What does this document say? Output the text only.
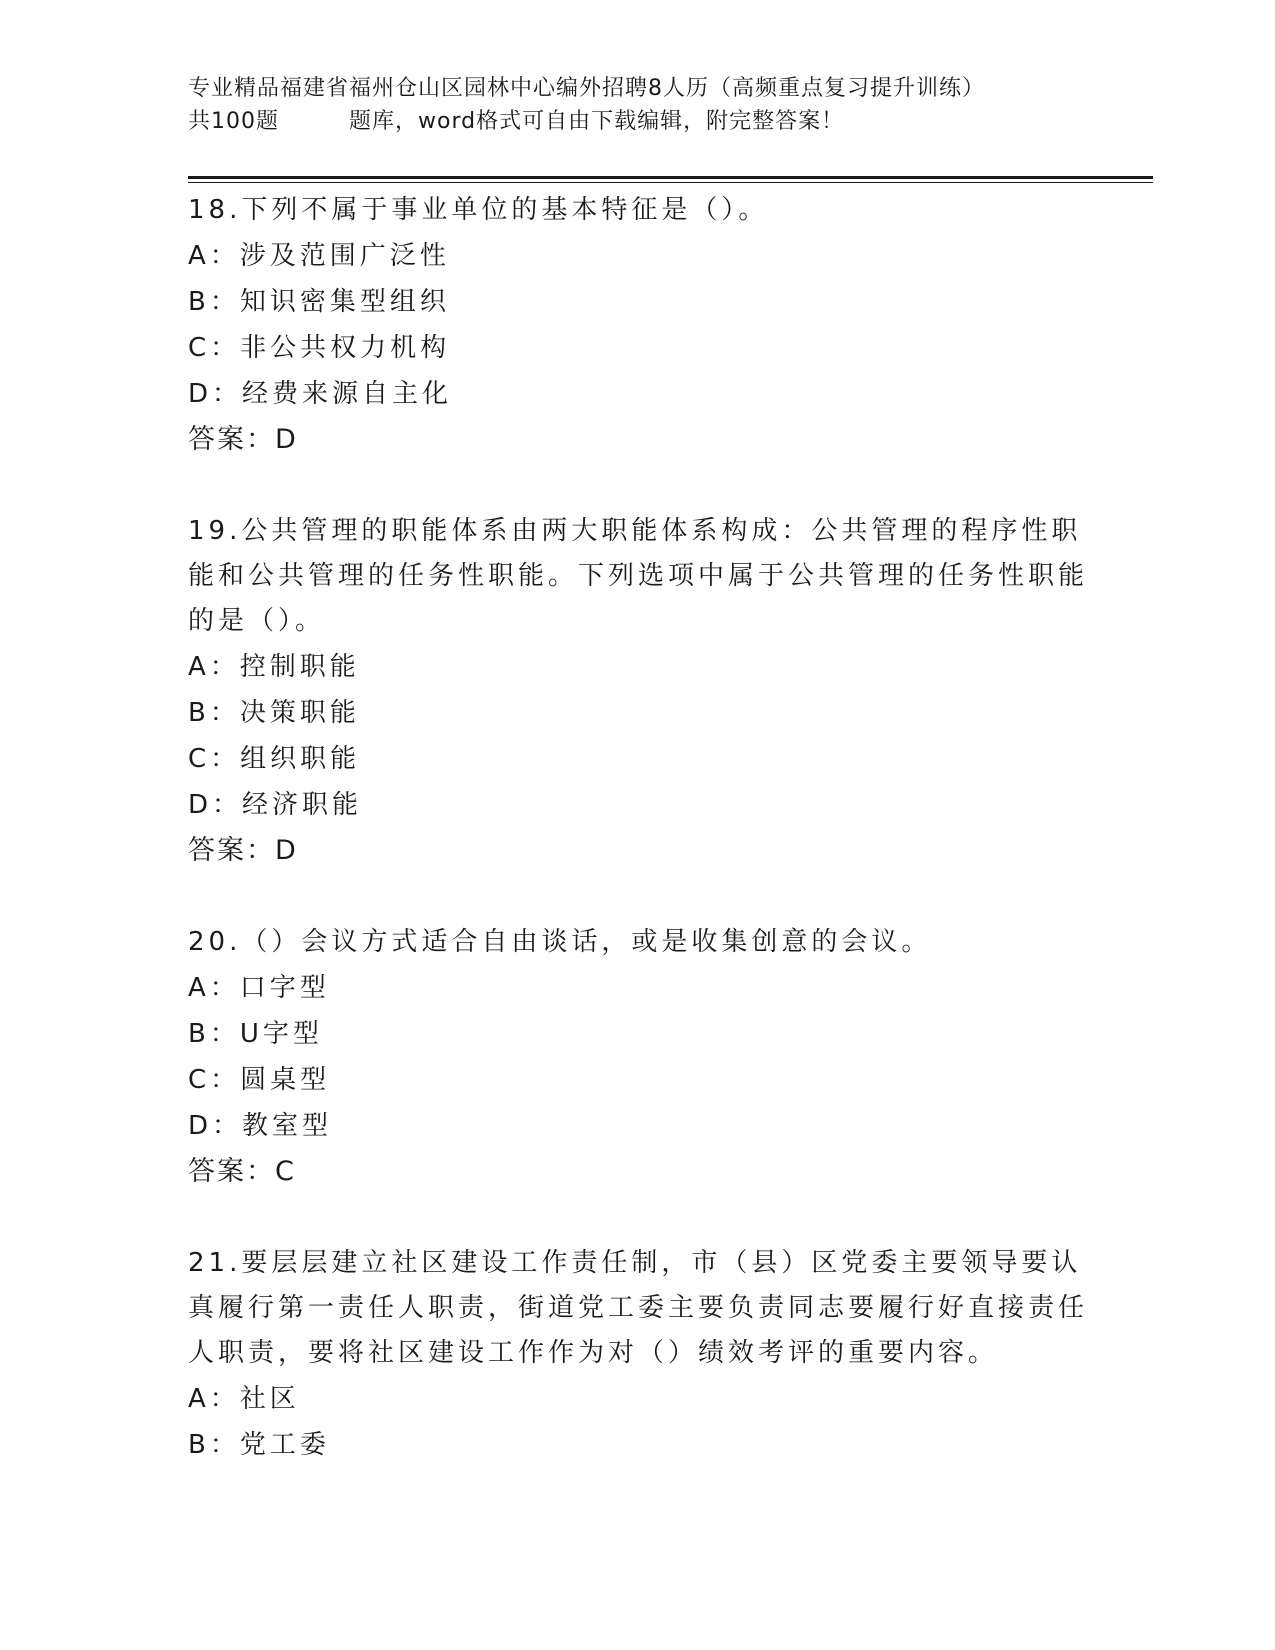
专业精品福建省福州仓山区园林中心编外招聘8人历（高频重点复习提升训练）
共100题	题库，word格式可自由下载编辑，附完整答案！
18.下列不属于事业单位的基本特征是（）。
A：涉及范围广泛性
B：知识密集型组织
C：非公共权力机构
D：经费来源自主化
答案：D
19.公共管理的职能体系由两大职能体系构成：公共管理的程序性职能和公共管理的任务性职能。下列选项中属于公共管理的任务性职能的是（）。
A：控制职能
B：决策职能
C：组织职能
D：经济职能
答案：D
20.（）会议方式适合自由谈话，或是收集创意的会议。
A：口字型
B：U字型
C：圆桌型
D：教室型
答案：C
21.要层层建立社区建设工作责任制，市（县）区党委主要领导要认真履行第一责任人职责，街道党工委主要负责同志要履行好直接责任人职责，要将社区建设工作作为对（）绩效考评的重要内容。
A：社区
B：党工委
